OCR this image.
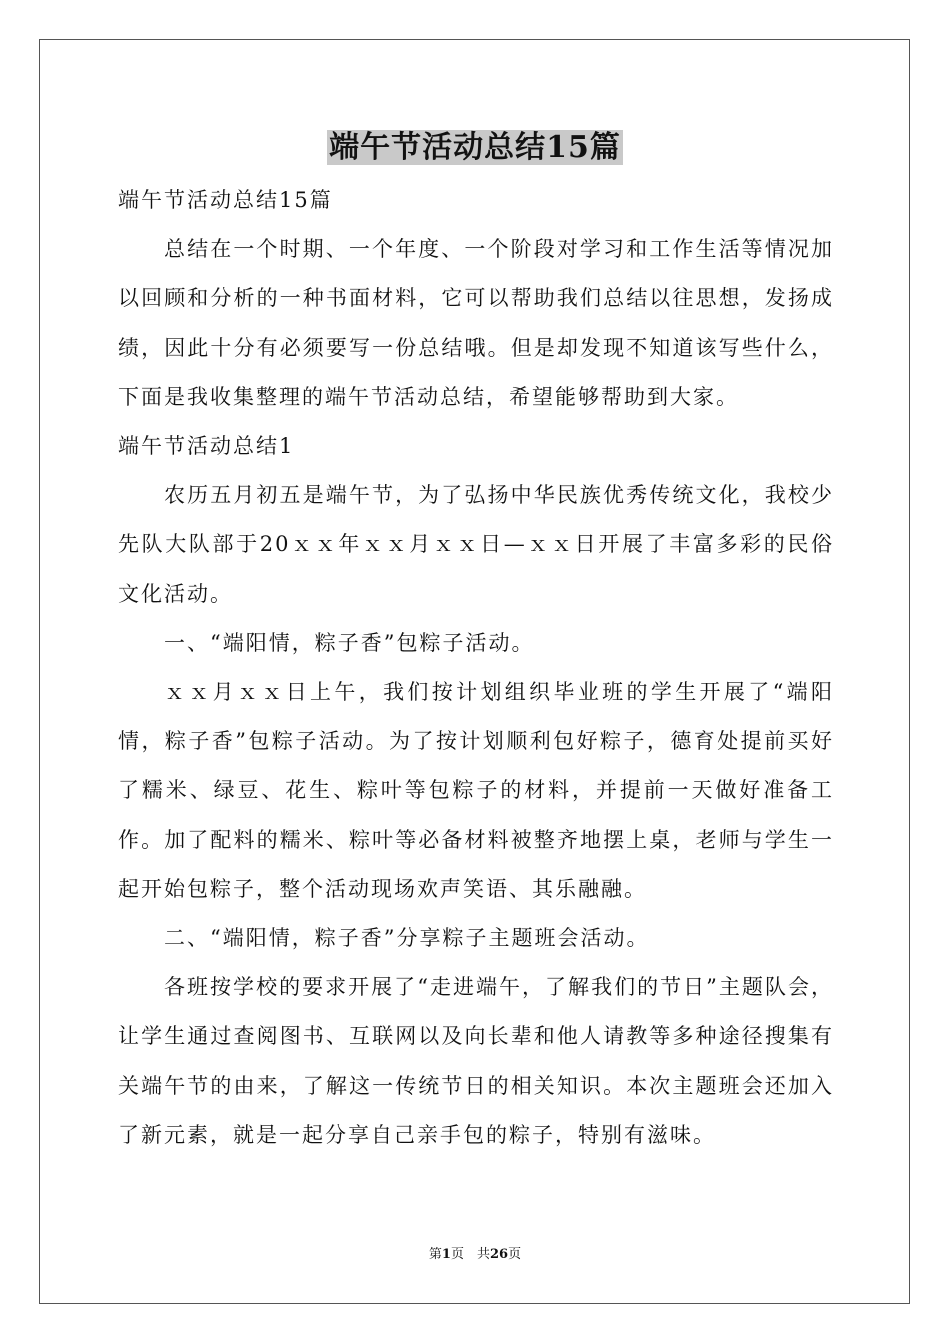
端午节活动总结15篇

端午节活动总结15篇

总结在一个时期、一个年度、一个阶段对学习和工作生活等情况加以回顾和分析的一种书面材料，它可以帮助我们总结以往思想，发扬成绩，因此十分有必须要写一份总结哦。但是却发现不知道该写些什么，下面是我收集整理的端午节活动总结，希望能够帮助到大家。

端午节活动总结1

农历五月初五是端午节，为了弘扬中华民族优秀传统文化，我校少先队大队部于20ｘｘ年ｘｘ月ｘｘ日—ｘｘ日开展了丰富多彩的民俗文化活动。

一、“端阳情，粽子香”包粽子活动。

ｘｘ月ｘｘ日上午，我们按计划组织毕业班的学生开展了“端阳情，粽子香”包粽子活动。为了按计划顺利包好粽子，德育处提前买好了糯米、绿豆、花生、粽叶等包粽子的材料，并提前一天做好准备工作。加了配料的糯米、粽叶等必备材料被整齐地摆上桌，老师与学生一起开始包粽子，整个活动现场欢声笑语、其乐融融。

二、“端阳情，粽子香”分享粽子主题班会活动。

各班按学校的要求开展了“走进端午，了解我们的节日”主题队会，让学生通过查阅图书、互联网以及向长辈和他人请教等多种途径搜集有关端午节的由来，了解这一传统节日的相关知识。本次主题班会还加入了新元素，就是一起分享自己亲手包的粽子，特别有滋味。

第1页　共26页
